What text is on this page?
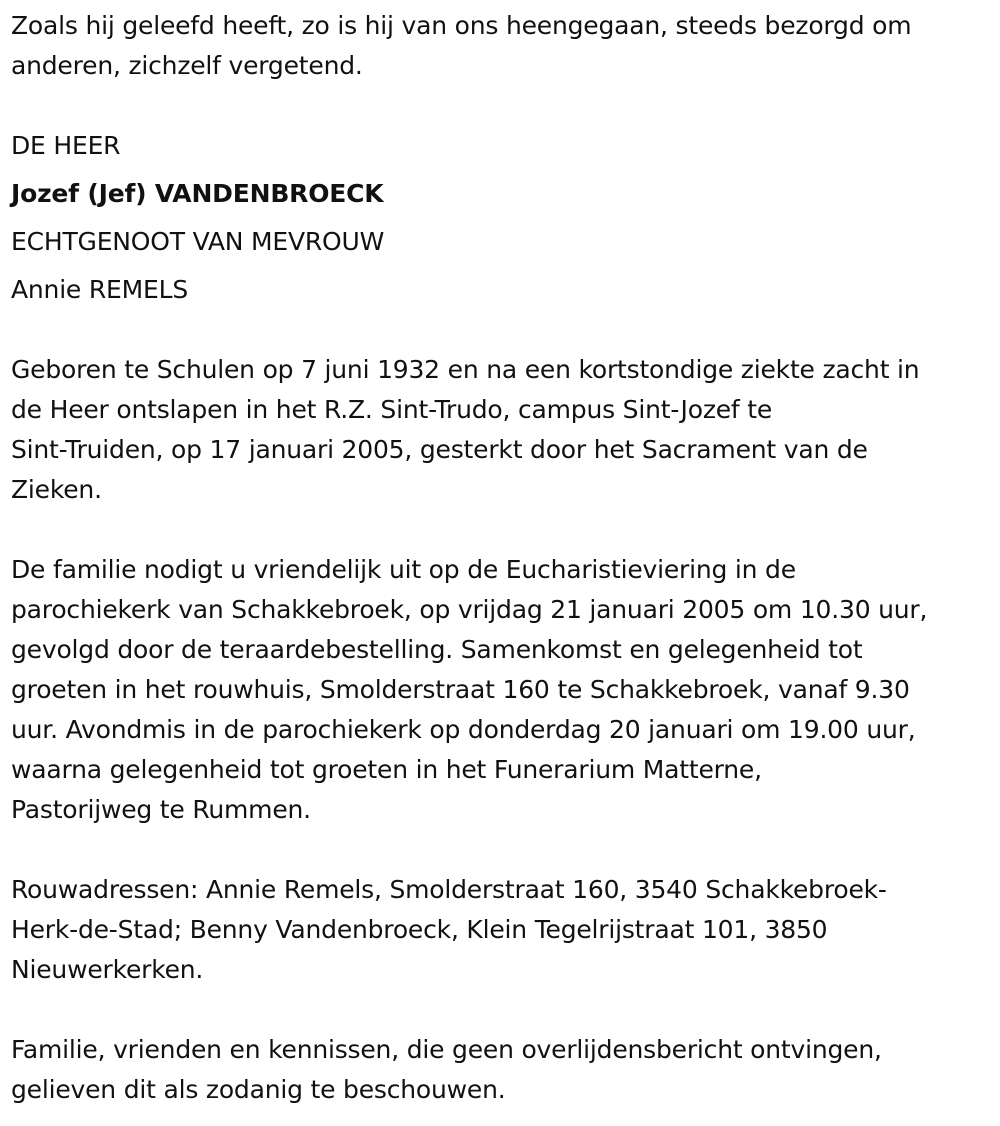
Zoals hij geleefd heeft, zo is hij van ons heengegaan, steeds bezorgd om
anderen, zichzelf vergetend.
DE HEER
Jozef (Jef) VANDENBROECK
ECHTGENOOT VAN MEVROUW
Annie REMELS
Geboren te Schulen op 7 juni 1932 en na een kortstondige ziekte zacht in
de Heer ontslapen in het R.Z. Sint-Trudo, campus Sint-Jozef te
Sint-Truiden, op 17 januari 2005, gesterkt door het Sacrament van de
Zieken.
De familie nodigt u vriendelijk uit op de Eucharistieviering in de
parochiekerk van Schakkebroek, op vrijdag 21 januari 2005 om 10.30 uur,
gevolgd door de teraardebestelling. Samenkomst en gelegenheid tot
groeten in het rouwhuis, Smolderstraat 160 te Schakkebroek, vanaf 9.30
uur. Avondmis in de parochiekerk op donderdag 20 januari om 19.00 uur,
waarna gelegenheid tot groeten in het Funerarium Matterne,
Pastorijweg te Rummen.
Rouwadressen: Annie Remels, Smolderstraat 160, 3540 Schakkebroek-
Herk-de-Stad; Benny Vandenbroeck, Klein Tegelrijstraat 101, 3850
Nieuwerkerken.
Familie, vrienden en kennissen, die geen overlijdensbericht ontvingen,
gelieven dit als zodanig te beschouwen.
